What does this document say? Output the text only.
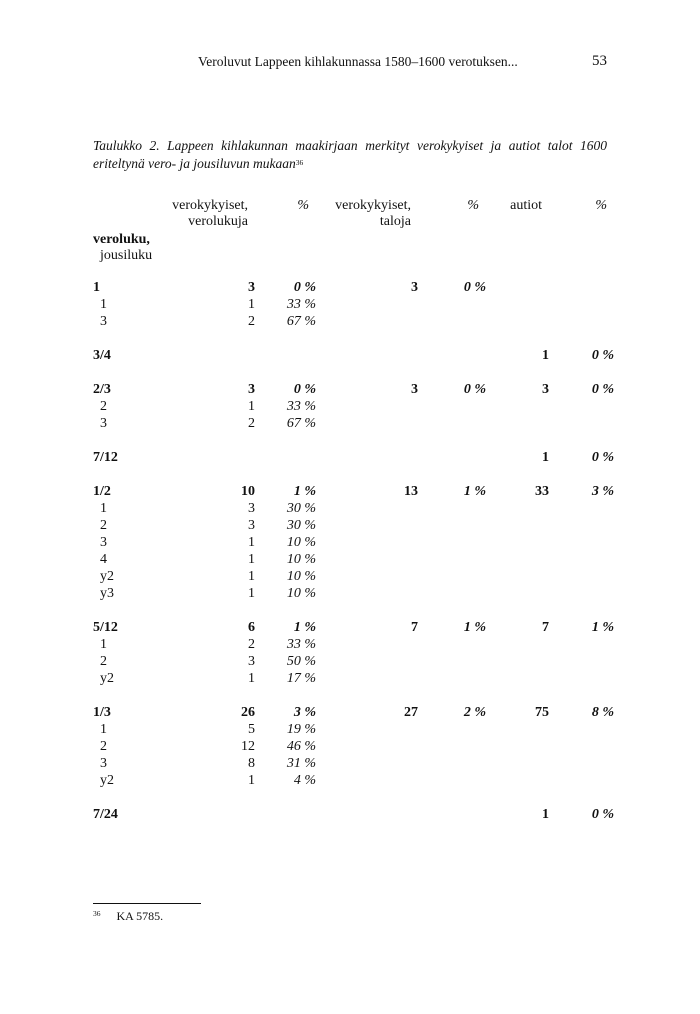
Veroluvut Lappeen kihlakunnassa 1580–1600 verotuksen...	53
Taulukko 2. Lappeen kihlakunnan maakirjaan merkityt verokykyiset ja autiot talot 1600 eriteltynä vero- ja jousiluvun mukaan$^{36}$
verokykyiset,
verolukuja
%	verokykyiset,
taloja
%	autiot	%
veroluku,
jousiluku
1	3	0 %	3	0 %		
1	1	33 %				
3	2	67 %				

3/4					1	0 %

2/3	3	0 %	3	0 %	3	0 %
2	1	33 %				
3	2	67 %				

7/12					1	0 %

1/2	10	1 %	13	1 %	33	3 %
1	3	30 %				
2	3	30 %				
3	1	10 %				
4	1	10 %				
y2	1	10 %				
y3	1	10 %				

5/12	6	1 %	7	1 %	7	1 %
1	2	33 %				
2	3	50 %				
y2	1	17 %				

1/3	26	3 %	27	2 %	75	8 %
1	5	19 %				
2	12	46 %				
3	8	31 %				
y2	1	4 %				

7/24					1	0 %
$^{36}$ KA 5785.
